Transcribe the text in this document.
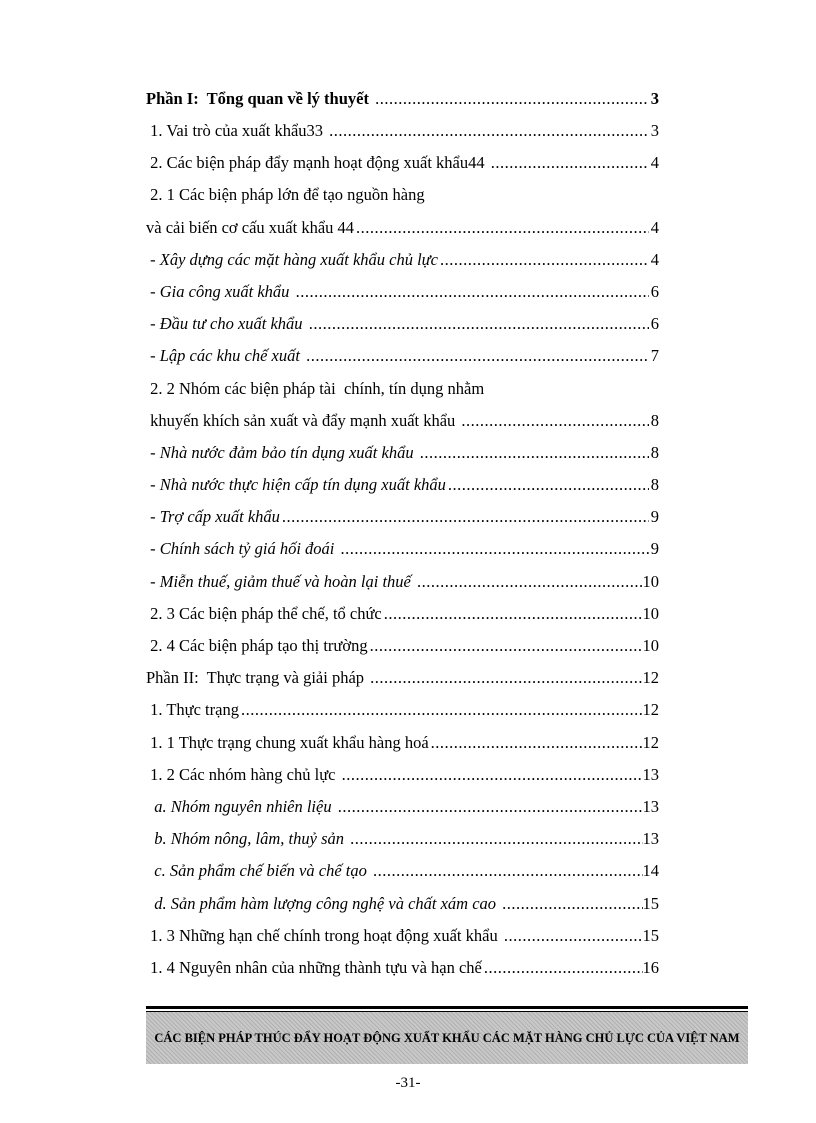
Phần I:  Tổng quan về lý thuyết .....	3
1. Vai trò của xuất khẩu33 .....	3
2. Các biện pháp đẩy mạnh hoạt động xuất khẩu44 .....	4
2. 1 Các biện pháp lớn để tạo nguồn hàng
và cải biến cơ cấu xuất khẩu 44 .....	4
- Xây dựng các mặt hàng xuất khẩu chủ lực .....	4
- Gia công xuất khẩu .....	6
- Đầu tư cho xuất khẩu .....	6
- Lập các khu chế xuất .....	7
2. 2 Nhóm các biện pháp tài  chính, tín dụng nhằm
khuyến khích sản xuất và đẩy mạnh xuất khẩu .....	8
- Nhà nước đảm bảo tín dụng xuất khẩu .....	8
- Nhà nước thực hiện cấp tín dụng xuất khẩu .....	8
- Trợ cấp xuất khẩu .....	9
- Chính sách tỷ giá hối đoái .....	9
- Miễn thuế, giảm thuế và hoàn lại thuế .....	10
2. 3 Các biện pháp thể chế, tổ chức .....	10
2. 4 Các biện pháp tạo thị trường .....	10
Phần II:  Thực trạng và giải pháp .....	12
1. Thực trạng .....	12
1. 1 Thực trạng chung xuất khẩu hàng hoá .....	12
1. 2 Các nhóm hàng chủ lực .....	13
a. Nhóm nguyên nhiên liệu .....	13
b. Nhóm nông, lâm, thuỷ sản .....	13
c. Sản phẩm chế biến và chế tạo .....	14
d. Sản phẩm hàm lượng công nghệ và chất xám cao .....	15
1. 3 Những hạn chế chính trong hoạt động xuất khẩu .....	15
1. 4 Nguyên nhân của những thành tựu và hạn chế .....	16
CÁC BIỆN PHÁP THÚC ĐẨY HOẠT ĐỘNG XUẤT KHẨU CÁC MẶT HÀNG CHỦ LỰC CỦA VIỆT NAM
-31-
